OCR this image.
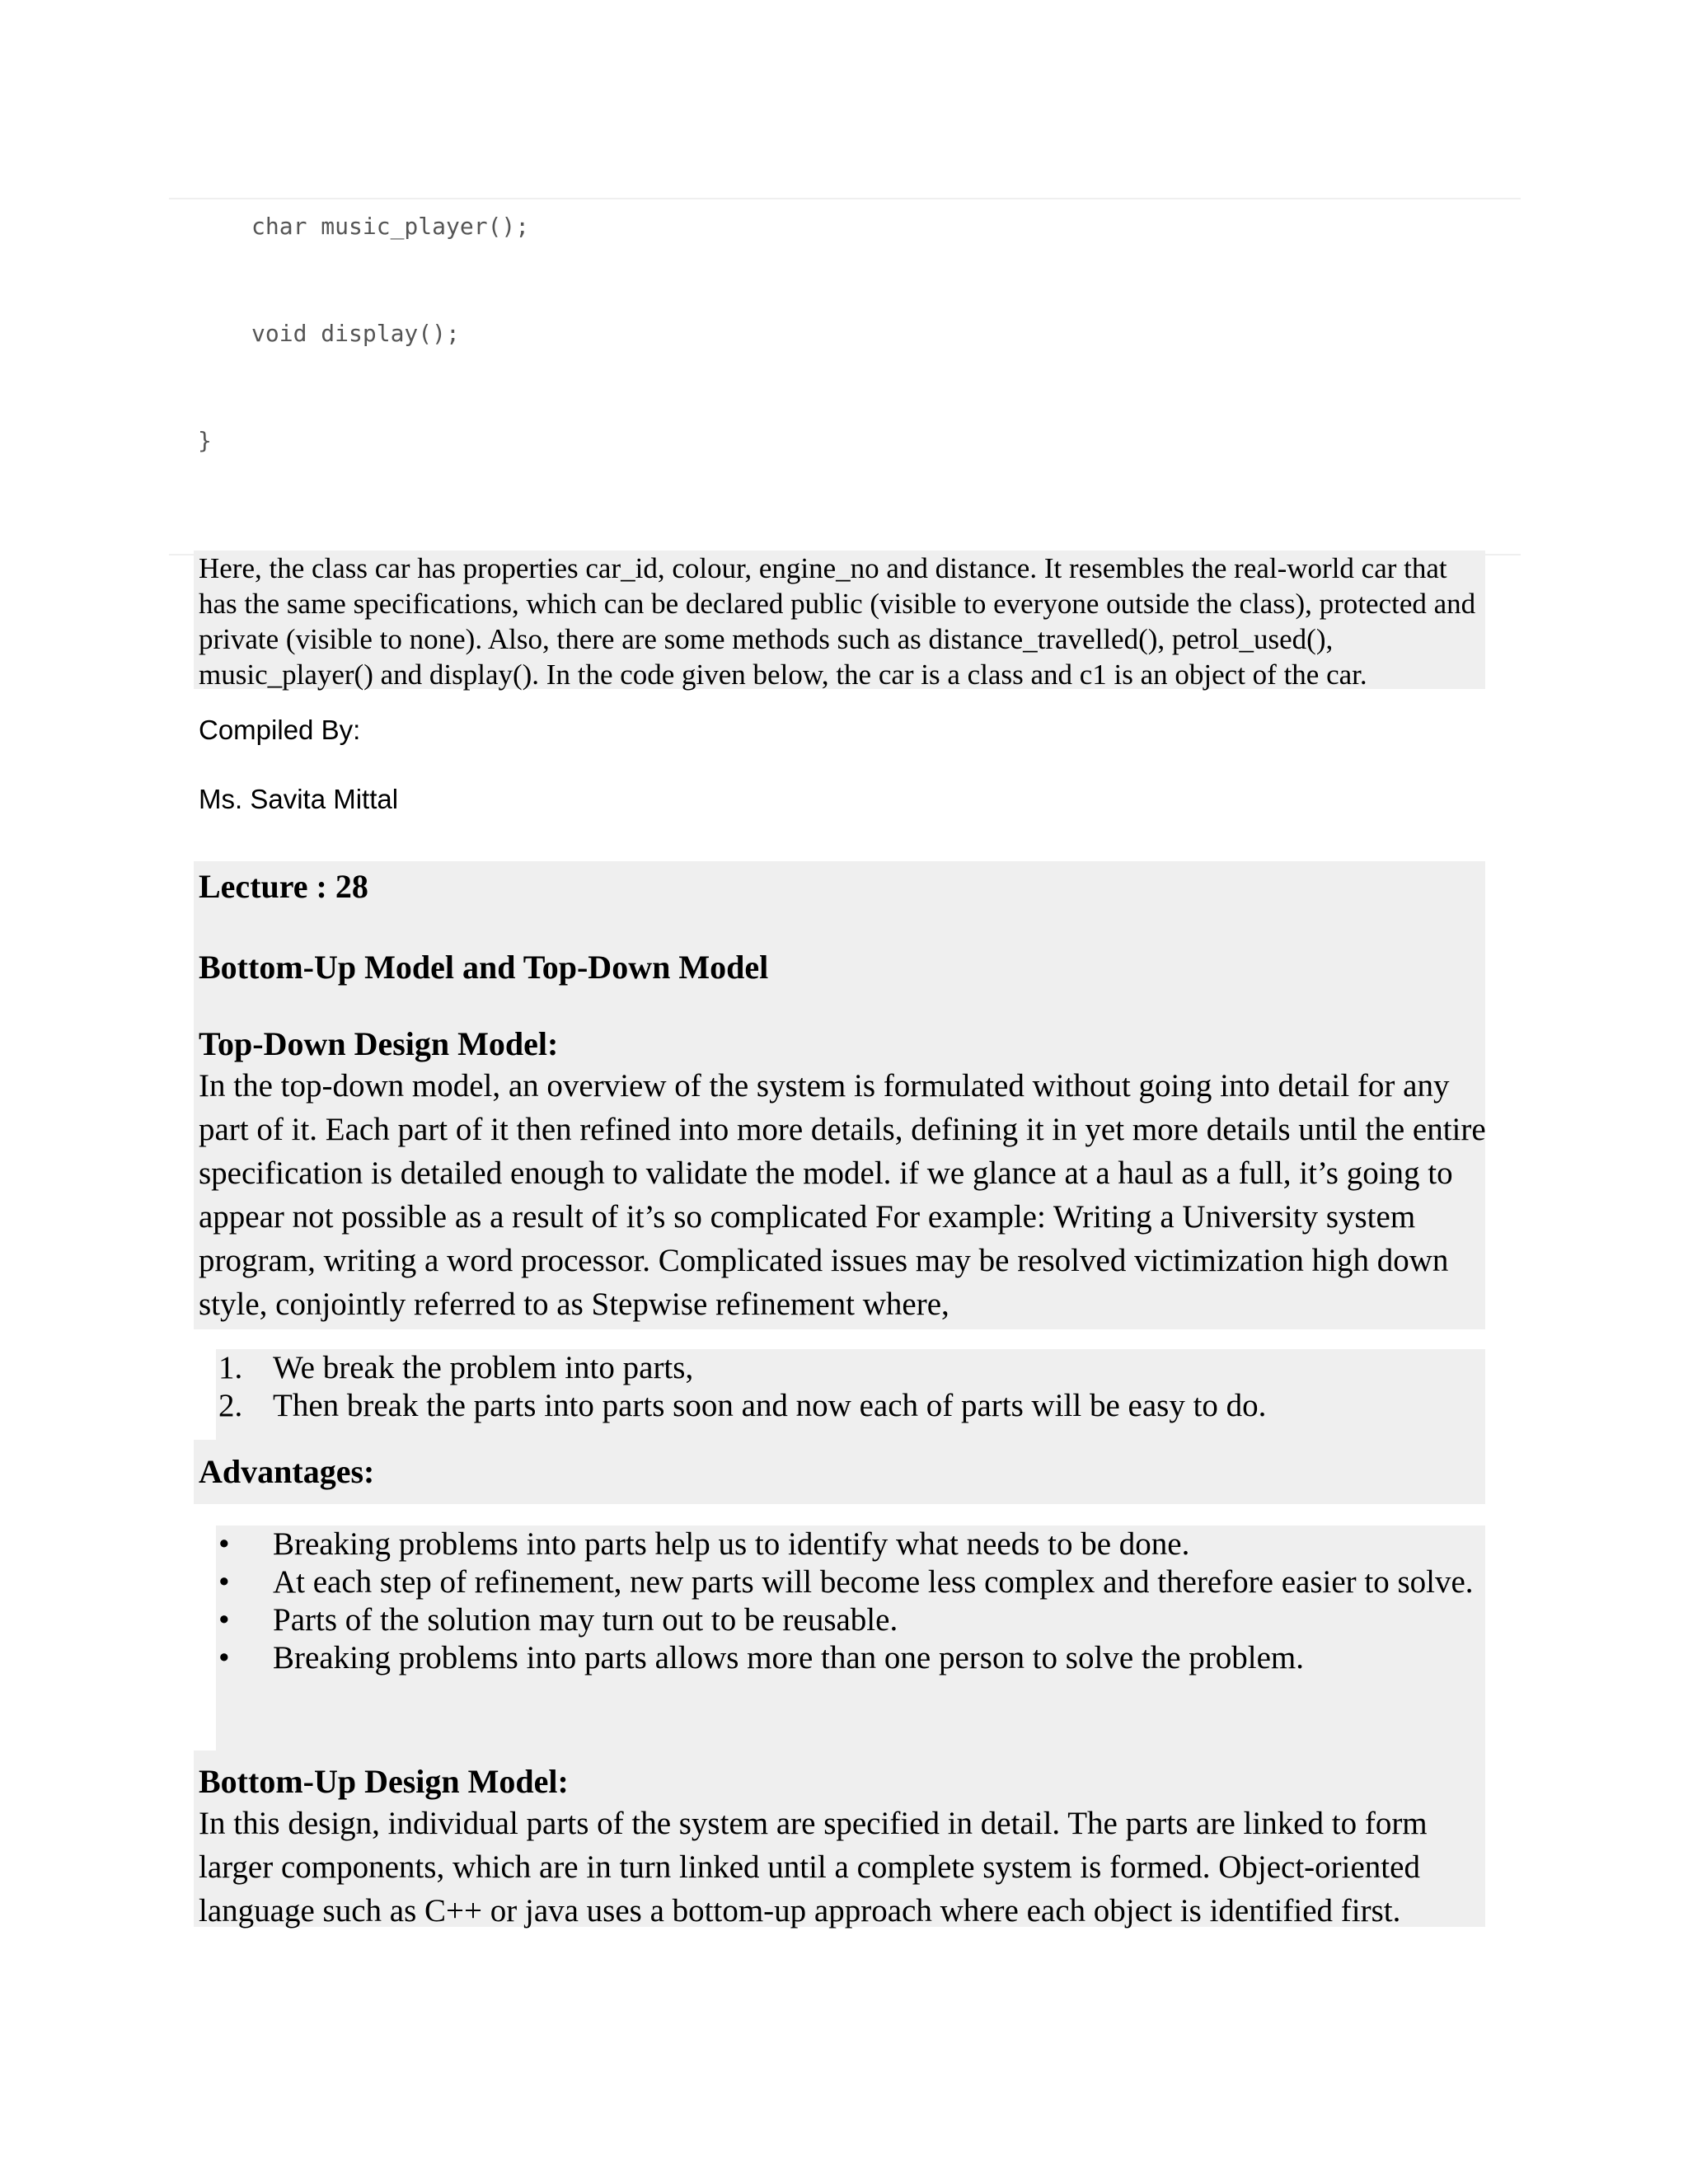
char music_player();
void display();
}
Here, the class car has properties car_id, colour, engine_no and distance. It resembles the real-world car that has the same specifications, which can be declared public (visible to everyone outside the class), protected and private (visible to none). Also, there are some methods such as distance_travelled(), petrol_used(), music_player() and display(). In the code given below, the car is a class and c1 is an object of the car.
Compiled By:
Ms. Savita Mittal
Lecture : 28
Bottom-Up Model and Top-Down Model
Top-Down Design Model:
In the top-down model, an overview of the system is formulated without going into detail for any part of it. Each part of it then refined into more details, defining it in yet more details until the entire specification is detailed enough to validate the model. if we glance at a haul as a full, it’s going to appear not possible as a result of it’s so complicated For example: Writing a University system program, writing a word processor. Complicated issues may be resolved victimization high down style, conjointly referred to as Stepwise refinement where,
1. We break the problem into parts,
2. Then break the parts into parts soon and now each of parts will be easy to do.
Advantages:
• Breaking problems into parts help us to identify what needs to be done.
• At each step of refinement, new parts will become less complex and therefore easier to solve.
• Parts of the solution may turn out to be reusable.
• Breaking problems into parts allows more than one person to solve the problem.
Bottom-Up Design Model:
In this design, individual parts of the system are specified in detail. The parts are linked to form larger components, which are in turn linked until a complete system is formed. Object-oriented language such as C++ or java uses a bottom-up approach where each object is identified first.
